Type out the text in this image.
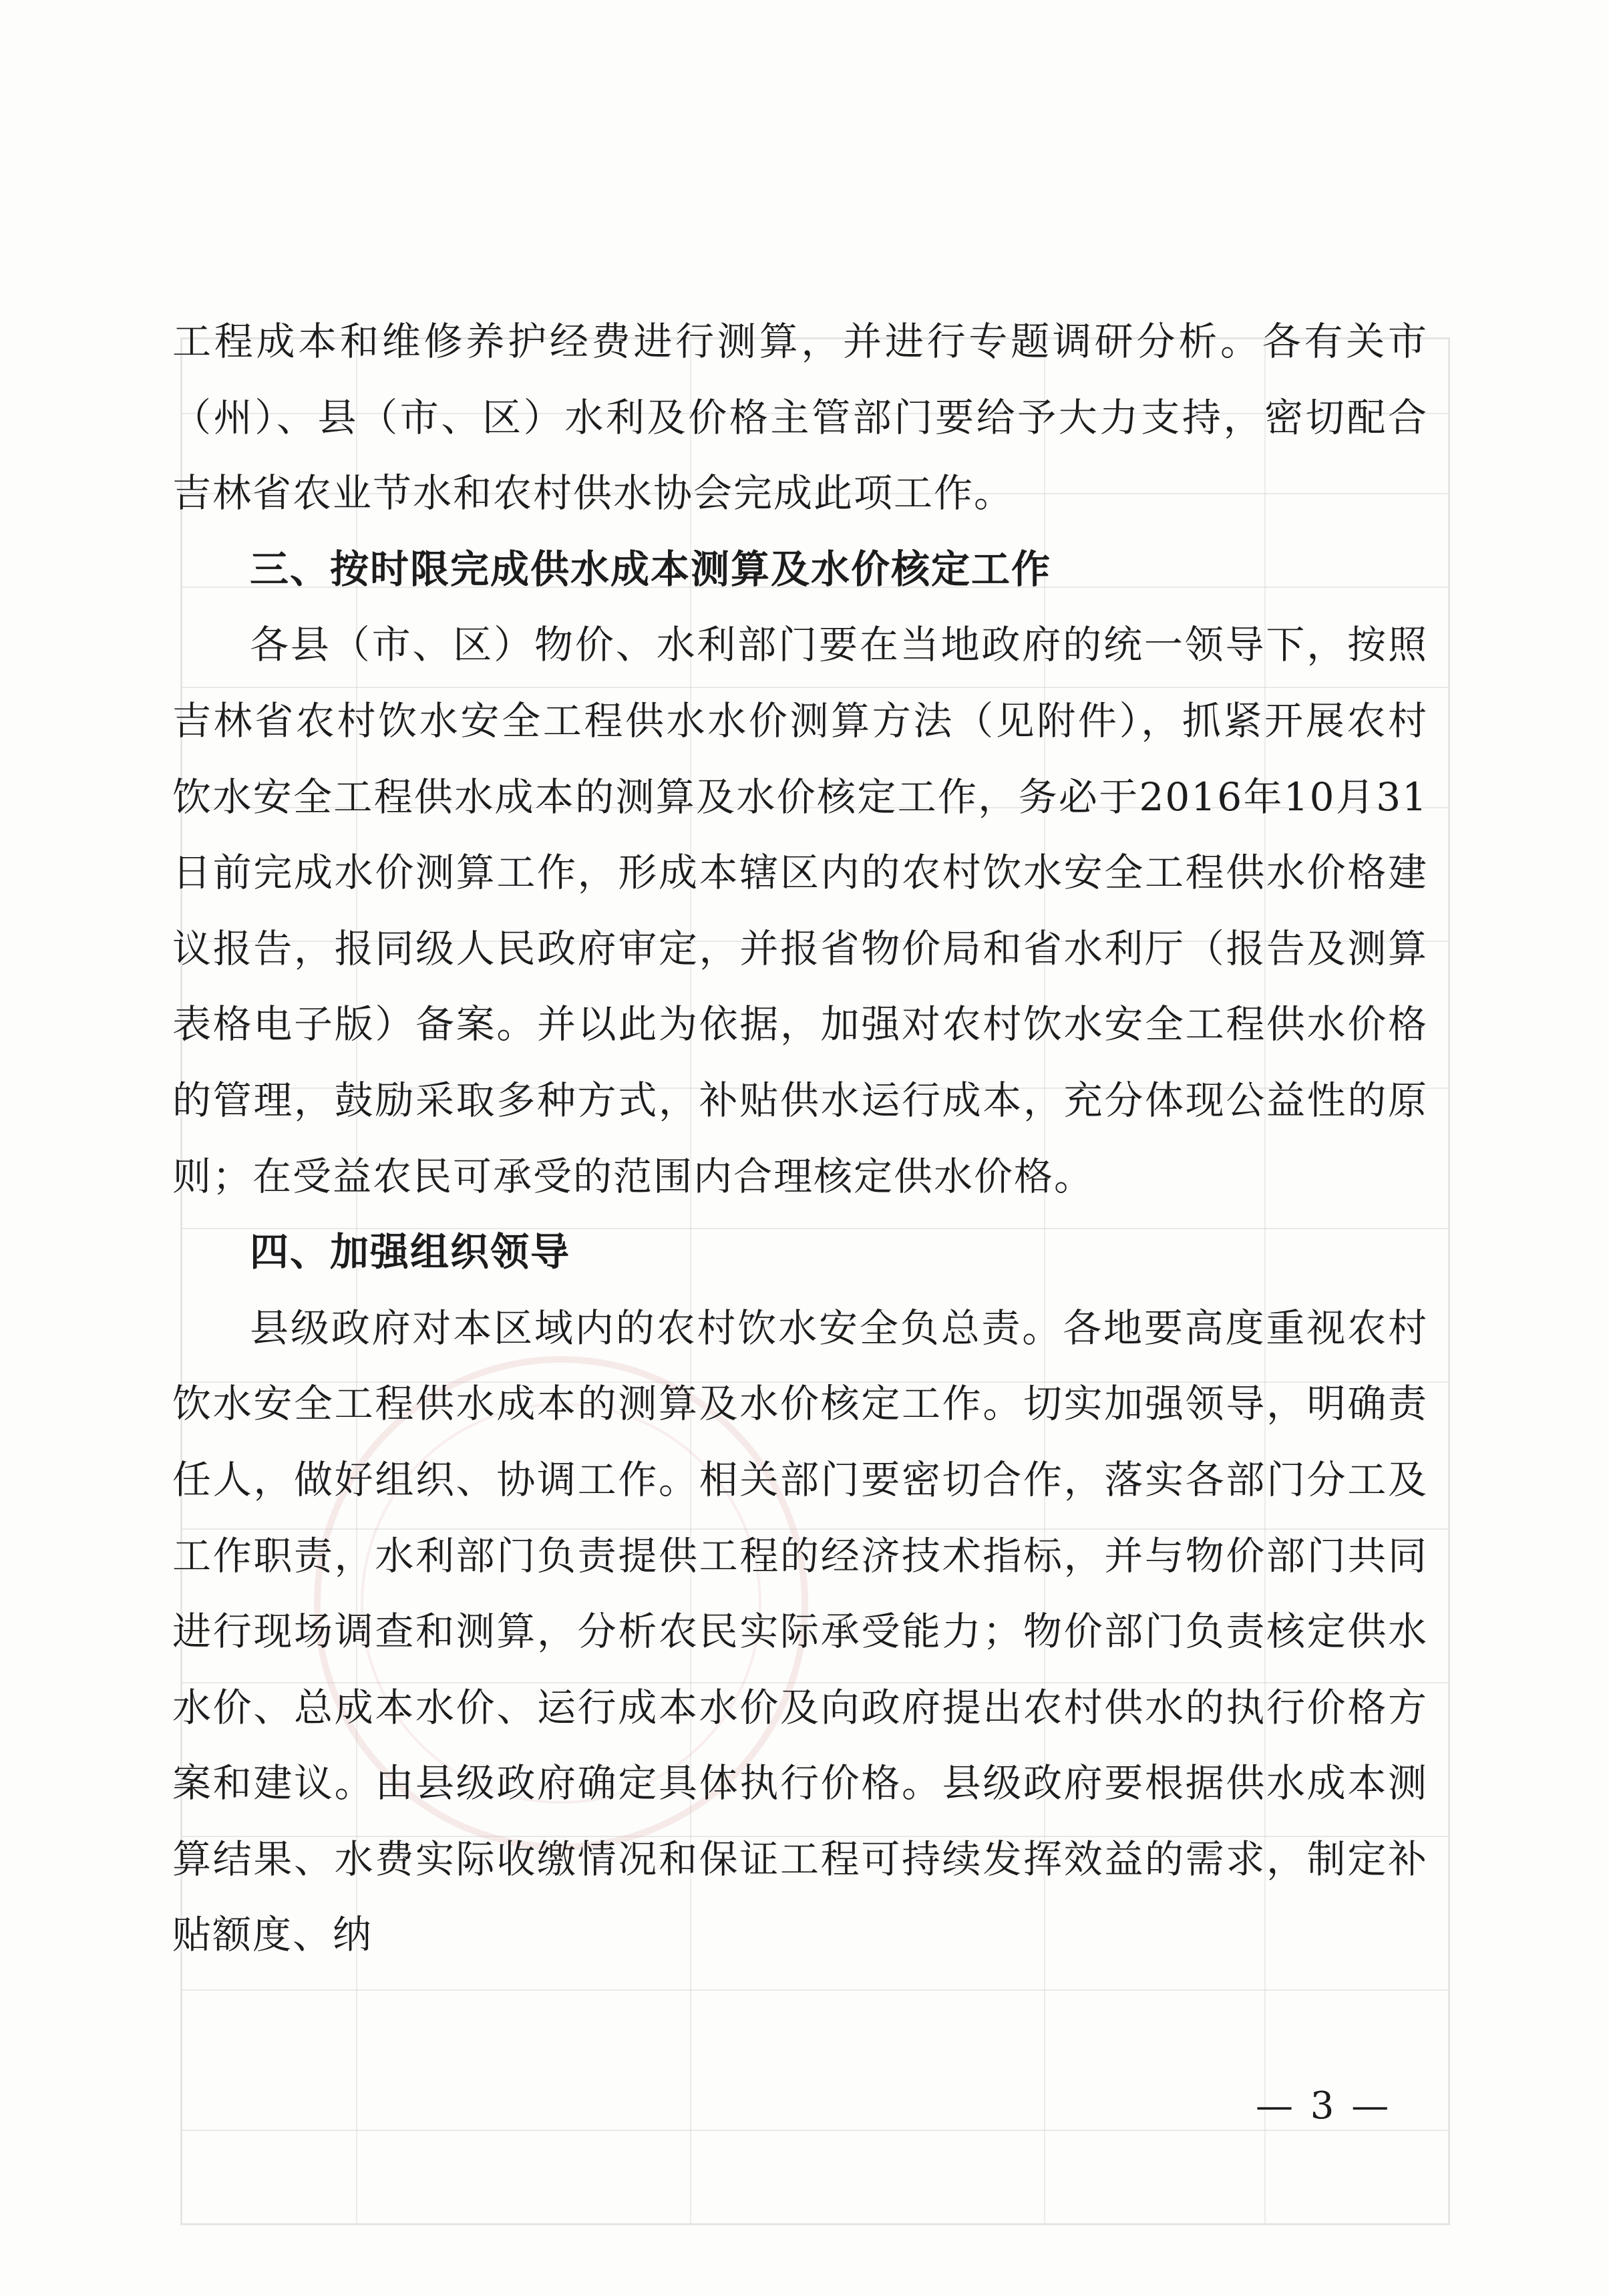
工程成本和维修养护经费进行测算，并进行专题调研分析。各有关市（州）、县（市、区）水利及价格主管部门要给予大力支持，密切配合吉林省农业节水和农村供水协会完成此项工作。

三、按时限完成供水成本测算及水价核定工作

各县（市、区）物价、水利部门要在当地政府的统一领导下，按照吉林省农村饮水安全工程供水水价测算方法（见附件），抓紧开展农村饮水安全工程供水成本的测算及水价核定工作，务必于2016年10月31日前完成水价测算工作，形成本辖区内的农村饮水安全工程供水价格建议报告，报同级人民政府审定，并报省物价局和省水利厅（报告及测算表格电子版）备案。并以此为依据，加强对农村饮水安全工程供水价格的管理，鼓励采取多种方式，补贴供水运行成本，充分体现公益性的原则；在受益农民可承受的范围内合理核定供水价格。

四、加强组织领导

县级政府对本区域内的农村饮水安全负总责。各地要高度重视农村饮水安全工程供水成本的测算及水价核定工作。切实加强领导，明确责任人，做好组织、协调工作。相关部门要密切合作，落实各部门分工及工作职责，水利部门负责提供工程的经济技术指标，并与物价部门共同进行现场调查和测算，分析农民实际承受能力；物价部门负责核定供水水价、总成本水价、运行成本水价及向政府提出农村供水的执行价格方案和建议。由县级政府确定具体执行价格。县级政府要根据供水成本测算结果、水费实际收缴情况和保证工程可持续发挥效益的需求，制定补贴额度、纳

— 3 —
